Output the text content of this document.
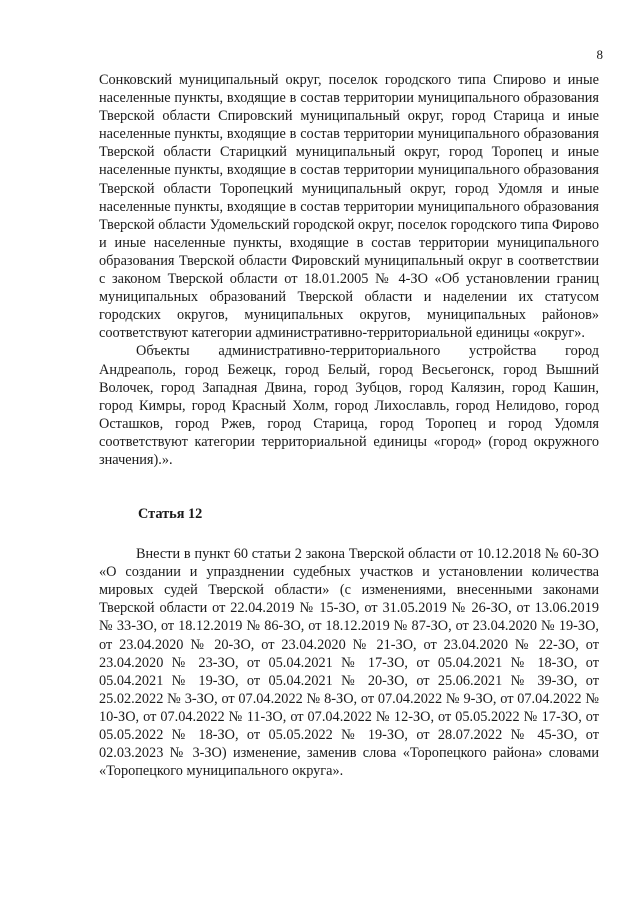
8

Сонковский муниципальный округ, поселок городского типа Спирово и иные населенные пункты, входящие в состав территории муниципального образования Тверской области Спировский муниципальный округ, город Старица и иные населенные пункты, входящие в состав территории муниципального образования Тверской области Старицкий муниципальный округ, город Торопец и иные населенные пункты, входящие в состав территории муниципального образования Тверской области Торопецкий муниципальный округ, город Удомля и иные населенные пункты, входящие в состав территории муниципального образования Тверской области Удомельский городской округ, поселок городского типа Фирово и иные населенные пункты, входящие в состав территории муниципального образования Тверской области Фировский муниципальный округ в соответствии с законом Тверской области от 18.01.2005 № 4-ЗО «Об установлении границ муниципальных образований Тверской области и наделении их статусом городских округов, муниципальных округов, муниципальных районов» соответствуют категории административно-территориальной единицы «округ».

Объекты административно-территориального устройства город Андреаполь, город Бежецк, город Белый, город Весьегонск, город Вышний Волочек, город Западная Двина, город Зубцов, город Калязин, город Кашин, город Кимры, город Красный Холм, город Лихославль, город Нелидово, город Осташков, город Ржев, город Старица, город Торопец и город Удомля соответствуют категории территориальной единицы «город» (город окружного значения).».

Статья 12

Внести в пункт 60 статьи 2 закона Тверской области от 10.12.2018 № 60-ЗО «О создании и упразднении судебных участков и установлении количества мировых судей Тверской области» (с изменениями, внесенными законами Тверской области от 22.04.2019 № 15-ЗО, от 31.05.2019 № 26-ЗО, от 13.06.2019 № 33-ЗО, от 18.12.2019 № 86-ЗО, от 18.12.2019 № 87-ЗО, от 23.04.2020 № 19-ЗО, от 23.04.2020 № 20-ЗО, от 23.04.2020 № 21-ЗО, от 23.04.2020 № 22-ЗО, от 23.04.2020 № 23-ЗО, от 05.04.2021 № 17-ЗО, от 05.04.2021 № 18-ЗО, от 05.04.2021 № 19-ЗО, от 05.04.2021 № 20-ЗО, от 25.06.2021 № 39-ЗО, от 25.02.2022 № 3-ЗО, от 07.04.2022 № 8-ЗО, от 07.04.2022 № 9-ЗО, от 07.04.2022 № 10-ЗО, от 07.04.2022 № 11-ЗО, от 07.04.2022 № 12-ЗО, от 05.05.2022 № 17-ЗО, от 05.05.2022 № 18-ЗО, от 05.05.2022 № 19-ЗО, от 28.07.2022 № 45-ЗО, от 02.03.2023 № 3-ЗО) изменение, заменив слова «Торопецкого района» словами «Торопецкого муниципального округа».
